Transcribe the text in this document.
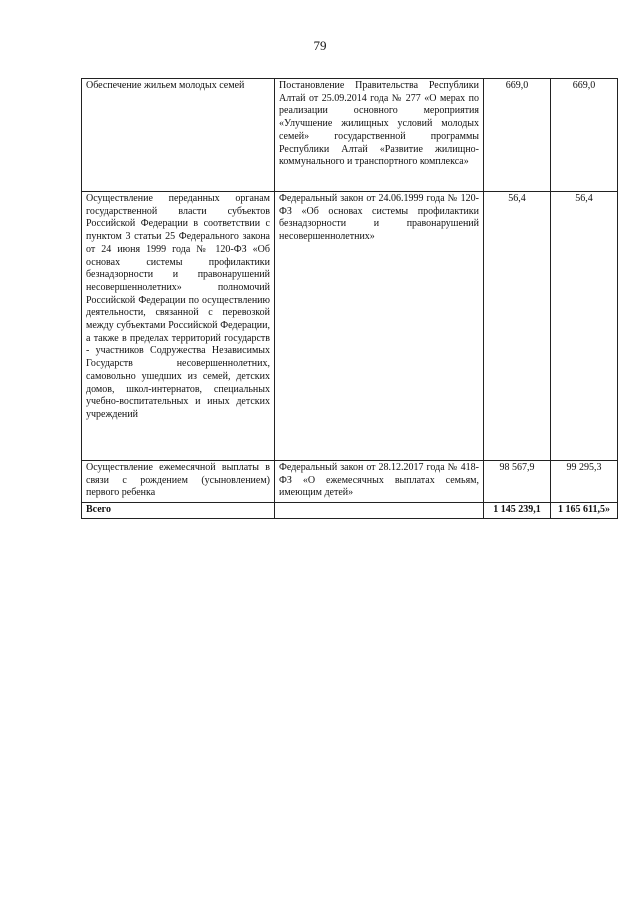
79
Обеспечение жильем молодых семей	Постановление Правительства Республики Алтай от 25.09.2014 года № 277 «О мерах по реализации основного мероприятия «Улучшение жилищных условий молодых семей» государственной программы Республики Алтай «Развитие жилищно-коммунального и транспортного комплекса»	669,0	669,0
Осуществление переданных органам государственной власти субъектов Российской Федерации в соответствии с пунктом 3 статьи 25 Федерального закона от 24 июня 1999 года № 120-ФЗ «Об основах системы профилактики безнадзорности и правонарушений несовершеннолетних» полномочий Российской Федерации по осуществлению деятельности, связанной с перевозкой между субъектами Российской Федерации, а также в пределах территорий государств - участников Содружества Независимых Государств несовершеннолетних, самовольно ушедших из семей, детских домов, школ-интернатов, специальных учебно-воспитательных и иных детских учреждений	Федеральный закон от 24.06.1999 года № 120-ФЗ «Об основах системы профилактики безнадзорности и правонарушений несовершеннолетних»	56,4	56,4
Осуществление ежемесячной выплаты в связи с рождением (усыновлением) первого ребенка	Федеральный закон от 28.12.2017 года № 418-ФЗ «О ежемесячных выплатах семьям, имеющим детей»	98 567,9	99 295,3
Всего		1 145 239,1	1 165 611,5»
